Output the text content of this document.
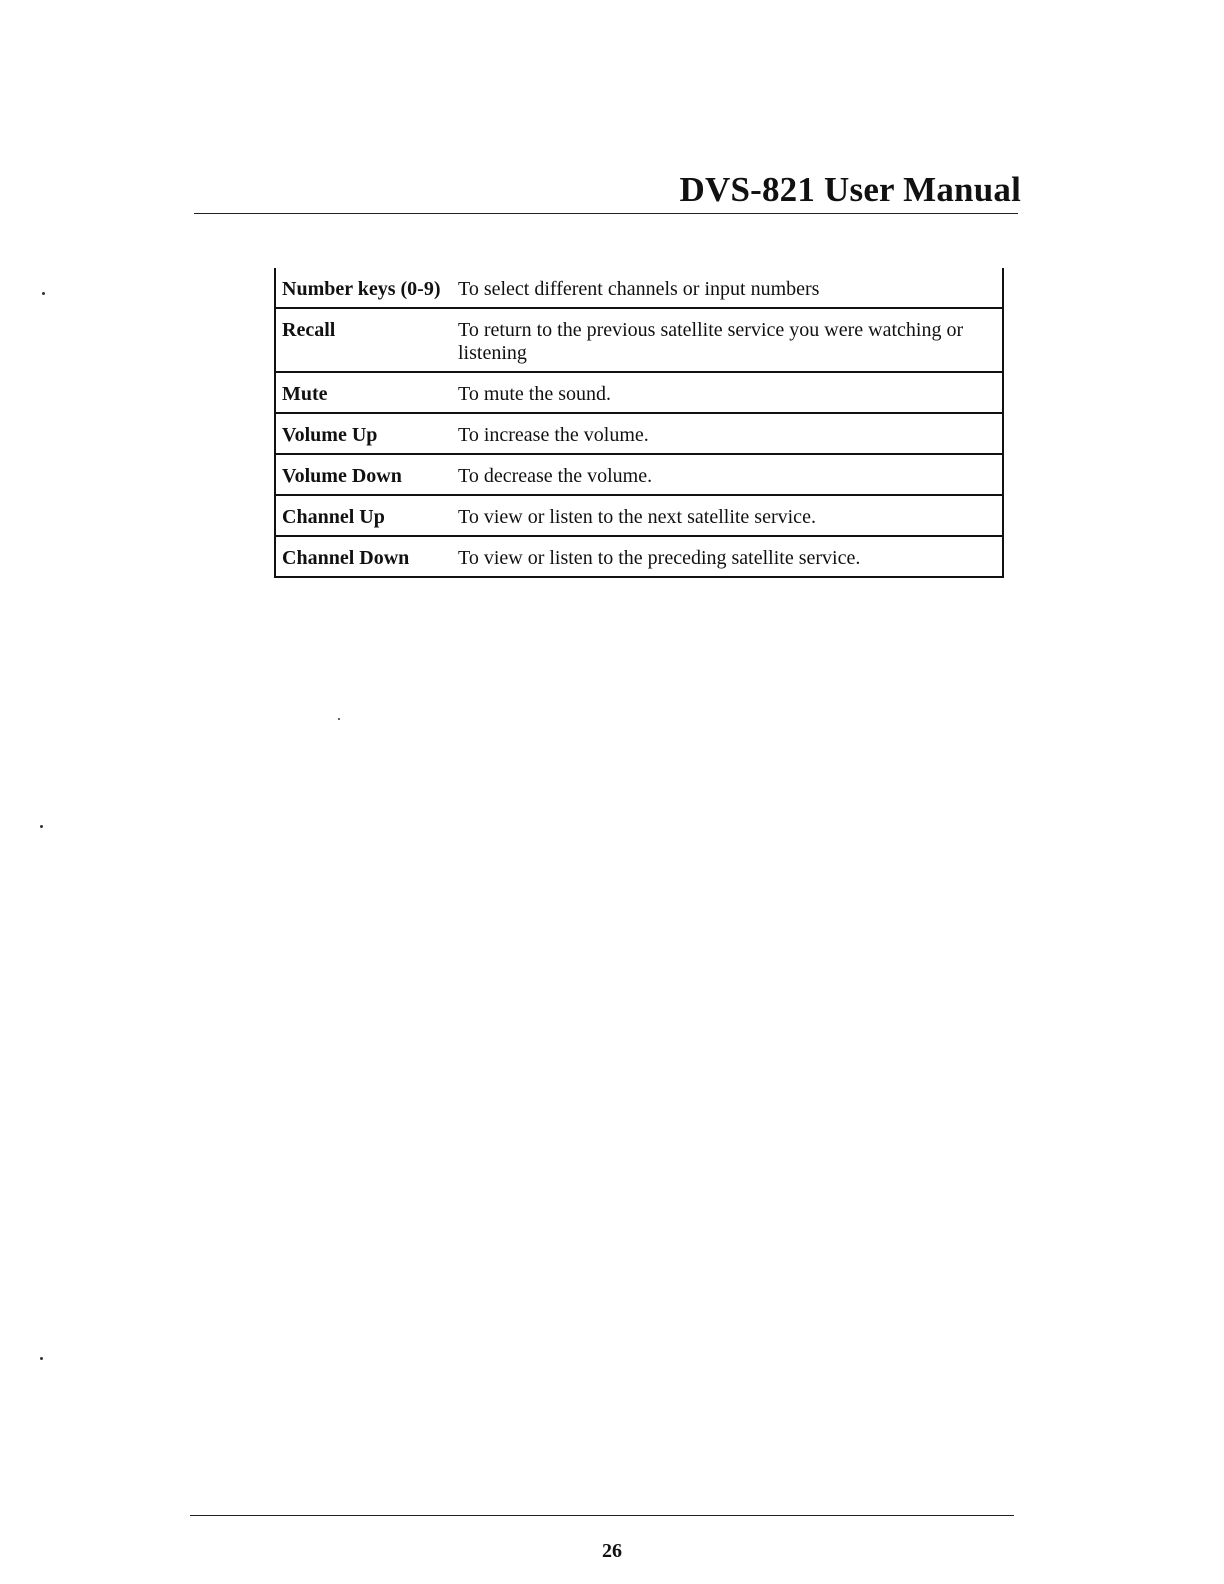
DVS-821 User Manual
Number keys (0-9)	To select different channels or input numbers
Recall	To return to the previous satellite service you were watching or listening
Mute	To mute the sound.
Volume Up	To increase the volume.
Volume Down	To decrease the volume.
Channel Up	To view or listen to the next satellite service.
Channel Down	To view or listen to the preceding satellite service.
26
